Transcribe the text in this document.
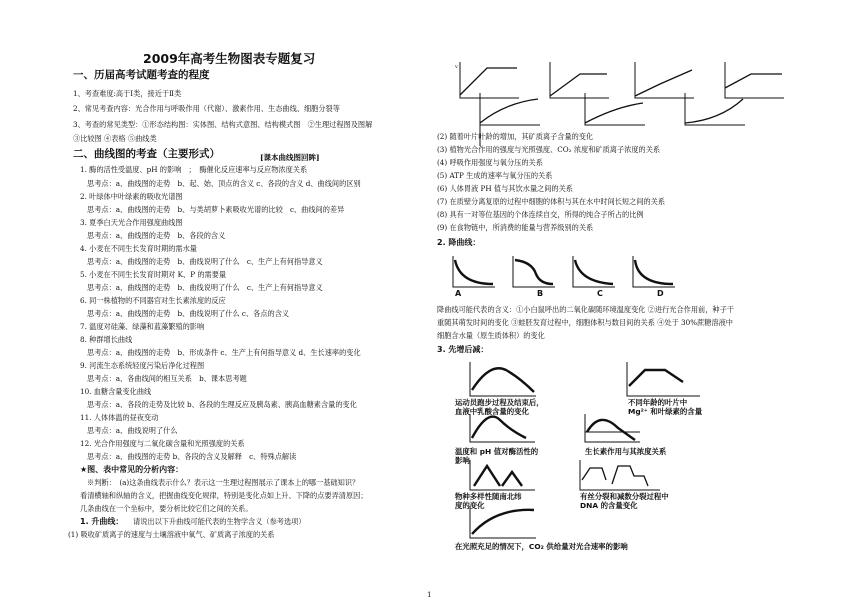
2009年高考生物图表专题复习
一、历届高考试题考查的程度
1、考查难度:高于Ⅰ类，接近于Ⅱ类
2、常见考查内容：光合作用与呼吸作用（代谢）、激素作用、生态曲线、细胞分裂等
3、考查的常见类型：①形态结构图：实体图、结构式意图、结构模式图　②生理过程图及图解
③比较图 ④表格 ⑤曲线类
二、曲线图的考查（主要形式）	[课本曲线图回眸]
1. 酶的活性受温度、pH 的影响　；　酶催化反应速率与反应物浓度关系
思考点：a、曲线图的走势　b、起、始、顶点的含义 c、各段的含义 d、曲线间的区别
2. 叶绿体中叶绿素的吸收光谱图
思考点：a、曲线图的走势　b、与类胡萝卜素吸收光谱的比较　c、曲线间的差异
3. 夏季白天光合作用强度曲线图
思考点：a、曲线图的走势　b、各段的含义
4. 小麦在不同生长发育时期的需水量
思考点：a、曲线图的走势　b、曲线说明了什么　c、生产上有何指导意义
5. 小麦在不同生长发育时期对 K、P 的需要量
思考点：a、曲线图的走势　b、曲线说明了什么　c、生产上有何指导意义
6. 同一株植物的不同器官对生长素浓度的反应
思考点：a、曲线图的走势　b、曲线说明了什么 c、各点的含义
7. 温度对硅藻、绿藻和蓝藻繁殖的影响
8. 种群增长曲线
思考点：a、曲线图的走势　b、形成条件 c、生产上有何指导意义 d、生长速率的变化
9. 河流生态系统轻度污染后净化过程图
思考点：a、各曲线间的相互关系　b、课本思考题
10. 血糖含量变化曲线
思考点：a、各段的走势及比较 b、各段的生理反应及胰岛素、胰高血糖素含量的变化
11. 人体体温的昼夜变动
思考点：a、曲线说明了什么
12. 光合作用强度与二氧化碳含量和光照强度的关系
思考点：a、曲线图的走势 b、各段的含义及解释　c、特殊点解读
★图、表中常见的分析内容：
※判断：　(a)这条曲线表示什么？表示这一生理过程图展示了课本上的哪一基础知识？
看清横轴和纵轴的含义，把握曲线变化规律，特别是变化点如上升、下降的点要弄清原因；
几条曲线在一个坐标中，要分析比较它们之间的关系。
1. 升曲线： 请说出以下升曲线可能代表的生物学含义（参考选项）
(1) 吸收矿质离子的速度与土壤溶液中氧气、矿质离子浓度的关系
v
(2) 随着叶片叶龄的增加，其矿质离子含量的变化
(3) 植物光合作用的强度与光照强度、CO₂ 浓度和矿质离子浓度的关系
(4) 呼吸作用强度与氧分压的关系
(5) ATP 生成的速率与氧分压的关系
(6) 人体胃液 PH 值与其饮水量之间的关系
(7) 在质壁分离复原的过程中细胞的体积与其在水中时间长短之间的关系
(8) 具有一对等位基因的个体连续自交，所得的纯合子所占的比例
(9) 在食物链中，所消费的能量与营养级别的关系
2. 降曲线：
A	B	C	D
降曲线可能代表的含义：①小白鼠呼出的二氧化碳随环境温度变化 ②进行光合作用前，种子干
重随其萌发时间的变化 ③蛙胚发育过程中，细胞体积与数目间的关系 ④处于 30%蔗糖溶液中
细胞含水量（原生质体积）的变化
3. 先增后减：
运动员跑步过程及结束后，
血液中乳酸含量的变化
不同年龄的叶片中
Mg²⁺ 和叶绿素的含量
温度和 pH 值对酶活性的
影响
生长素作用与其浓度关系
物种多样性随南北纬
度的变化
有丝分裂和减数分裂过程中
DNA 的含量变化
在光照充足的情况下，CO₂ 供给量对光合速率的影响
1
